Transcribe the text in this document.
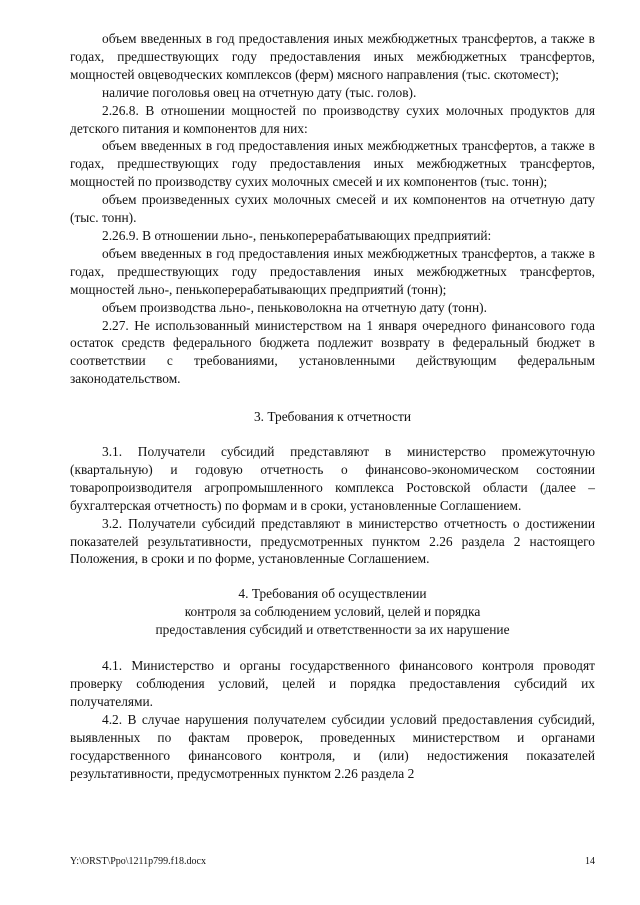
объем введенных в год предоставления иных межбюджетных трансфертов, а также в годах, предшествующих году предоставления иных межбюджетных трансфертов, мощностей овцеводческих комплексов (ферм) мясного направления (тыс. скотомест);

наличие поголовья овец на отчетную дату (тыс. голов).

2.26.8. В отношении мощностей по производству сухих молочных продуктов для детского питания и компонентов для них:

объем введенных в год предоставления иных межбюджетных трансфертов, а также в годах, предшествующих году предоставления иных межбюджетных трансфертов, мощностей по производству сухих молочных смесей и их компонентов (тыс. тонн);

объем произведенных сухих молочных смесей и их компонентов на отчетную дату (тыс. тонн).

2.26.9. В отношении льно-, пенькоперерабатывающих предприятий:

объем введенных в год предоставления иных межбюджетных трансфертов, а также в годах, предшествующих году предоставления иных межбюджетных трансфертов, мощностей льно-, пенькоперерабатывающих предприятий (тонн);

объем производства льно-, пеньковолокна на отчетную дату (тонн).

2.27. Не использованный министерством на 1 января очередного финансового года остаток средств федерального бюджета подлежит возврату в федеральный бюджет в соответствии с требованиями, установленными действующим федеральным законодательством.

3. Требования к отчетности

3.1. Получатели субсидий представляют в министерство промежуточную (квартальную) и годовую отчетность о финансово-экономическом состоянии товаропроизводителя агропромышленного комплекса Ростовской области (далее – бухгалтерская отчетность) по формам и в сроки, установленные Соглашением.

3.2. Получатели субсидий представляют в министерство отчетность о достижении показателей результативности, предусмотренных пунктом 2.26 раздела 2 настоящего Положения, в сроки и по форме, установленные Соглашением.

4. Требования об осуществлении
контроля за соблюдением условий, целей и порядка
предоставления субсидий и ответственности за их нарушение

4.1. Министерство и органы государственного финансового контроля проводят проверку соблюдения условий, целей и порядка предоставления субсидий их получателями.

4.2. В случае нарушения получателем субсидии условий предоставления субсидий, выявленных по фактам проверок, проведенных министерством и органами государственного финансового контроля, и (или) недостижения показателей результативности, предусмотренных пунктом 2.26 раздела 2

Y:\ORST\Ppo\1211p799.f18.docx	14
